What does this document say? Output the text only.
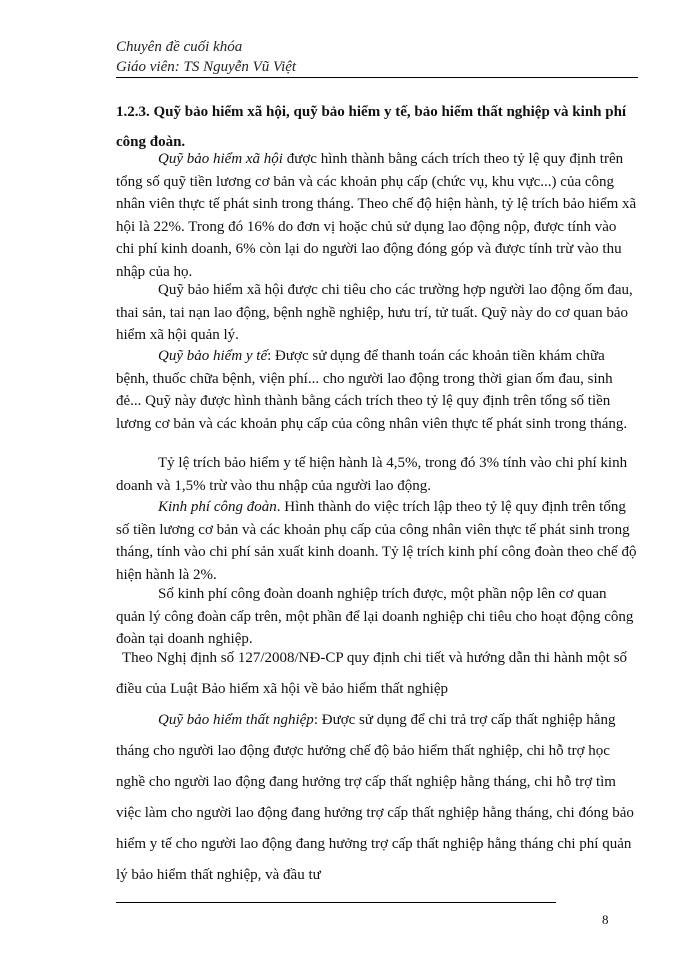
Chuyên đề cuối khóa
Giáo viên: TS Nguyễn Vũ Việt
1.2.3. Quỹ bảo hiểm xã hội, quỹ bảo hiểm y tế, bảo hiểm thất nghiệp và kinh phí công đoàn.

Quỹ bảo hiểm xã hội được hình thành bằng cách trích theo tỷ lệ quy định trên tổng số quỹ tiền lương cơ bản và các khoản phụ cấp (chức vụ, khu vực...) của công nhân viên thực tế phát sinh trong tháng. Theo chế độ hiện hành, tỷ lệ trích bảo hiểm xã hội là 22%. Trong đó 16% do đơn vị hoặc chủ sử dụng lao động nộp, được tính vào chi phí kinh doanh, 6% còn lại do người lao động đóng góp và được tính trừ vào thu nhập của họ.

Quỹ bảo hiểm xã hội được chi tiêu cho các trường hợp người lao động ốm đau, thai sản, tai nạn lao động, bệnh nghề nghiệp, hưu trí, tử tuất. Quỹ này do cơ quan bảo hiểm xã hội quản lý.

Quỹ bảo hiểm y tế: Được sử dụng để thanh toán các khoản tiền khám chữa bệnh, thuốc chữa bệnh, viện phí... cho người lao động trong thời gian ốm đau, sinh đẻ... Quỹ này được hình thành bằng cách trích theo tỷ lệ quy định trên tổng số tiền lương cơ bản và các khoản phụ cấp của công nhân viên thực tế phát sinh trong tháng.

Tỷ lệ trích bảo hiểm y tế hiện hành là 4,5%, trong đó 3% tính vào chi phí kinh doanh và 1,5% trừ vào thu nhập của người lao động.

Kinh phí công đoàn. Hình thành do việc trích lập theo tỷ lệ quy định trên tổng số tiền lương cơ bản và các khoản phụ cấp của công nhân viên thực tế phát sinh trong tháng, tính vào chi phí sản xuất kinh doanh. Tỷ lệ trích kinh phí công đoàn theo chế độ hiện hành là 2%.

Số kinh phí công đoàn doanh nghiệp trích được, một phần nộp lên cơ quan quản lý công đoàn cấp trên, một phần để lại doanh nghiệp chi tiêu cho hoạt động công đoàn tại doanh nghiệp.

Theo Nghị định số 127/2008/NĐ-CP quy định chi tiết và hướng dẫn thi hành một số điều của Luật Bảo hiểm xã hội về bảo hiểm thất nghiệp

Quỹ bảo hiểm thất nghiệp: Được sử dụng để chi trả trợ cấp thất nghiệp hằng tháng cho người lao động được hưởng chế độ bảo hiểm thất nghiệp, chi hỗ trợ học nghề cho người lao động đang hưởng trợ cấp thất nghiệp hằng tháng, chi hỗ trợ tìm việc làm cho người lao động đang hưởng trợ cấp thất nghiệp hằng tháng, chi đóng bảo hiểm y tế cho người lao động đang hưởng trợ cấp thất nghiệp hằng tháng chi phí quản lý bảo hiểm thất nghiệp, và đầu tư

8
